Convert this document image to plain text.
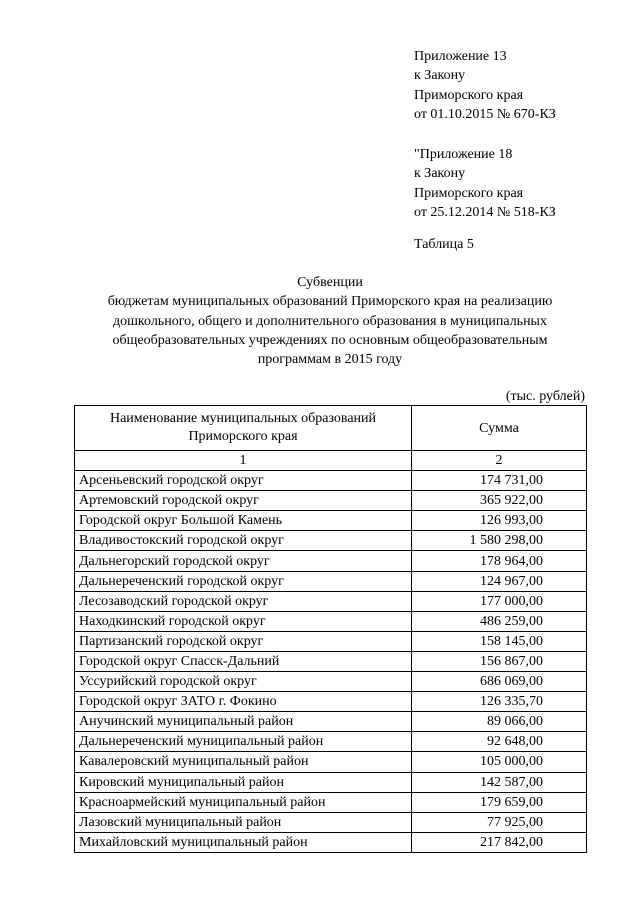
Приложение 13
к Закону
Приморского края
от 01.10.2015 № 670-КЗ
"Приложение 18
к Закону
Приморского края
от 25.12.2014 № 518-КЗ
Таблица 5
Субвенции
бюджетам муниципальных образований Приморского края на реализацию
дошкольного, общего и дополнительного образования в муниципальных
общеобразовательных учреждениях по основным общеобразовательным
программам в 2015 году
(тыс. рублей)
Наименование муниципальных образований Приморского края	Сумма
1	2
Арсеньевский городской округ	174 731,00
Артемовский городской округ	365 922,00
Городской округ Большой Камень	126 993,00
Владивостокский городской округ	1 580 298,00
Дальнегорский городской округ	178 964,00
Дальнереченский городской округ	124 967,00
Лесозаводский городской округ	177 000,00
Находкинский городской округ	486 259,00
Партизанский городской округ	158 145,00
Городской округ Спасск-Дальний	156 867,00
Уссурийский городской округ	686 069,00
Городской округ ЗАТО г. Фокино	126 335,70
Анучинский муниципальный район	89 066,00
Дальнереченский муниципальный район	92 648,00
Кавалеровский муниципальный район	105 000,00
Кировский муниципальный район	142 587,00
Красноармейский муниципальный район	179 659,00
Лазовский муниципальный район	77 925,00
Михайловский муниципальный район	217 842,00
